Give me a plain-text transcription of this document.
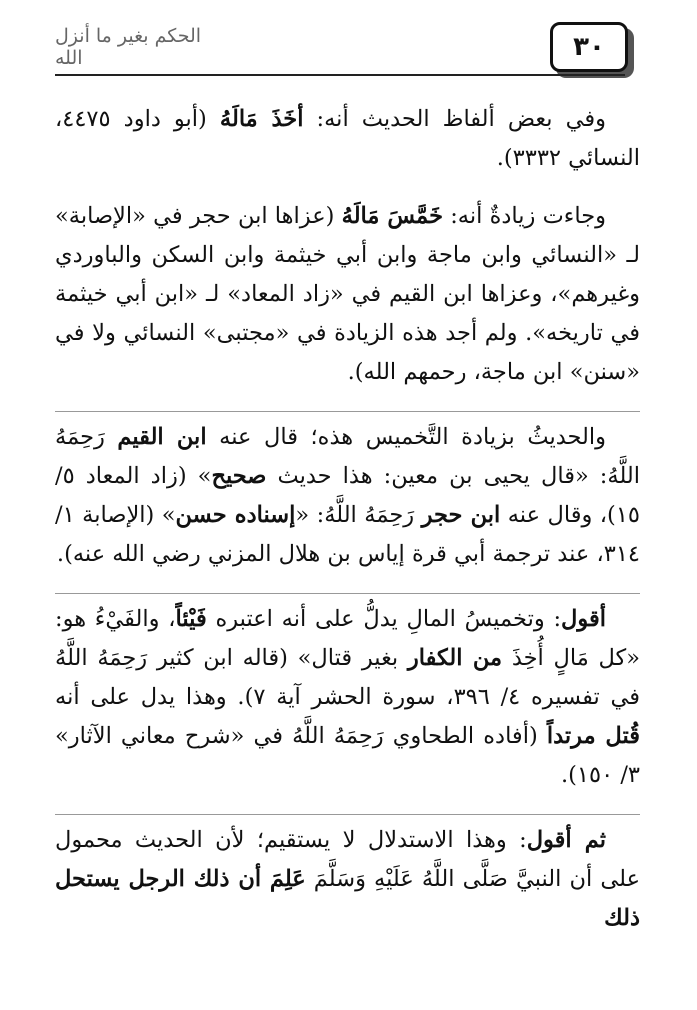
٣٠
الحكم بغير ما أنزل الله

وفي بعض ألفاظ الحديث أنه: أخَذَ مَالَهُ (أبو داود ٤٤٧٥، النسائي ٣٣٣٢).

وجاءت زيادةٌ أنه: خَمَّسَ مَالَهُ (عزاها ابن حجر في «الإصابة» لـ «النسائي وابن ماجة وابن أبي خيثمة وابن السكن والباوردي وغيرهم»، وعزاها ابن القيم في «زاد المعاد» لـ «ابن أبي خيثمة في تاريخه». ولم أجد هذه الزيادة في «مجتبى» النسائي ولا في «سنن» ابن ماجة، رحمهم الله).

والحديثُ بزيادة التَّخميس هذه؛ قال عنه ابن القيم رَحِمَهُ اللَّهُ: «قال يحيى بن معين: هذا حديث صحيح» (زاد المعاد ٥/ ١٥)، وقال عنه ابن حجر رَحِمَهُ اللَّهُ: «إسناده حسن» (الإصابة ١/ ٣١٤، عند ترجمة أبي قرة إياس بن هلال المزني رضي الله عنه).

أقول: وتخميسُ المالِ يدلُّ على أنه اعتبره فَيْئاً، والفَيْءُ هو: «كل مَالٍ أُخِذَ من الكفار بغير قتال» (قاله ابن كثير رَحِمَهُ اللَّهُ في تفسيره ٤/ ٣٩٦، سورة الحشر آية ٧). وهذا يدل على أنه قُتل مرتداً (أفاده الطحاوي رَحِمَهُ اللَّهُ في «شرح معاني الآثار» ٣/ ١٥٠).

ثم أقول: وهذا الاستدلال لا يستقيم؛ لأن الحديث محمول على أن النبيَّ صَلَّى اللَّهُ عَلَيْهِ وَسَلَّمَ عَلِمَ أن ذلك الرجل يستحل ذلك
